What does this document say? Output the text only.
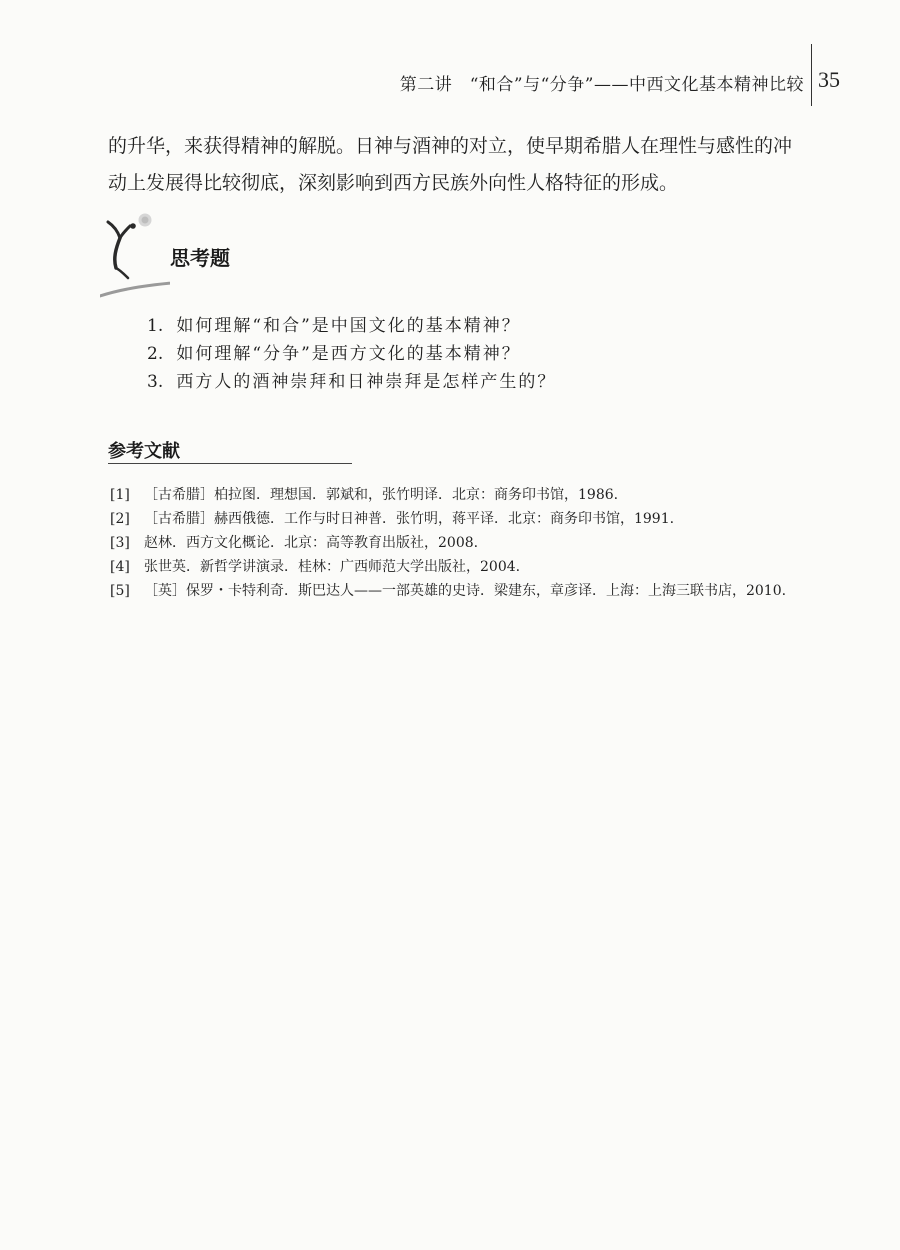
第二讲　“和合”与“分争”——中西文化基本精神比较 35

的升华，来获得精神的解脱。日神与酒神的对立，使早期希腊人在理性与感性的冲

动上发展得比较彻底，深刻影响到西方民族外向性人格特征的形成。

思考题
1. 如何理解“和合”是中国文化的基本精神？
2. 如何理解“分争”是西方文化的基本精神？
3. 西方人的酒神崇拜和日神崇拜是怎样产生的？
参考文献
[1] ［古希腊］柏拉图．理想国．郭斌和，张竹明译．北京：商务印书馆，1986.
[2] ［古希腊］赫西俄德．工作与时日神普．张竹明，蒋平译．北京：商务印书馆，1991.
[3] 赵林．西方文化概论．北京：高等教育出版社，2008.
[4] 张世英．新哲学讲演录．桂林：广西师范大学出版社，2004.
[5] ［英］保罗・卡特利奇．斯巴达人——一部英雄的史诗．梁建东，章彦译．上海：上海三联书店，2010.
